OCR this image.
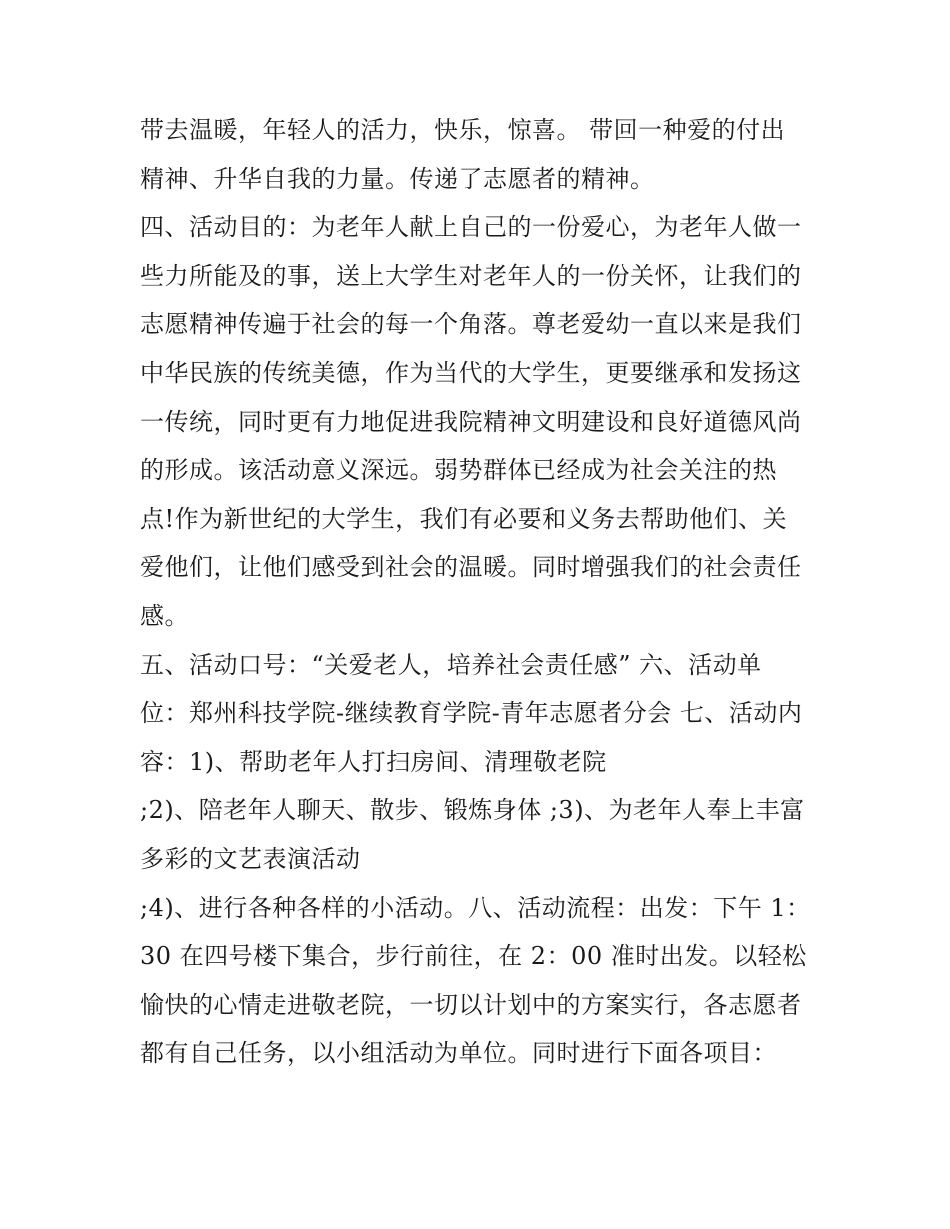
带去温暖，年轻人的活力，快乐，惊喜。 带回一种爱的付出
精神、升华自我的力量。传递了志愿者的精神。
四、活动目的：为老年人献上自己的一份爱心，为老年人做一
些力所能及的事，送上大学生对老年人的一份关怀，让我们的
志愿精神传遍于社会的每一个角落。尊老爱幼一直以来是我们
中华民族的传统美德，作为当代的大学生，更要继承和发扬这
一传统，同时更有力地促进我院精神文明建设和良好道德风尚
的形成。该活动意义深远。弱势群体已经成为社会关注的热
点!作为新世纪的大学生，我们有必要和义务去帮助他们、关
爱他们，让他们感受到社会的温暖。同时增强我们的社会责任
感。
五、活动口号：“关爱老人，培养社会责任感” 六、活动单
位：郑州科技学院-继续教育学院-青年志愿者分会 七、活动内
容：1)、帮助老年人打扫房间、清理敬老院
;2)、陪老年人聊天、散步、锻炼身体 ;3)、为老年人奉上丰富
多彩的文艺表演活动
;4)、进行各种各样的小活动。八、活动流程：出发：下午 1：
30 在四号楼下集合，步行前往，在 2：00 准时出发。以轻松
愉快的心情走进敬老院，一切以计划中的方案实行，各志愿者
都有自己任务，以小组活动为单位。同时进行下面各项目：
